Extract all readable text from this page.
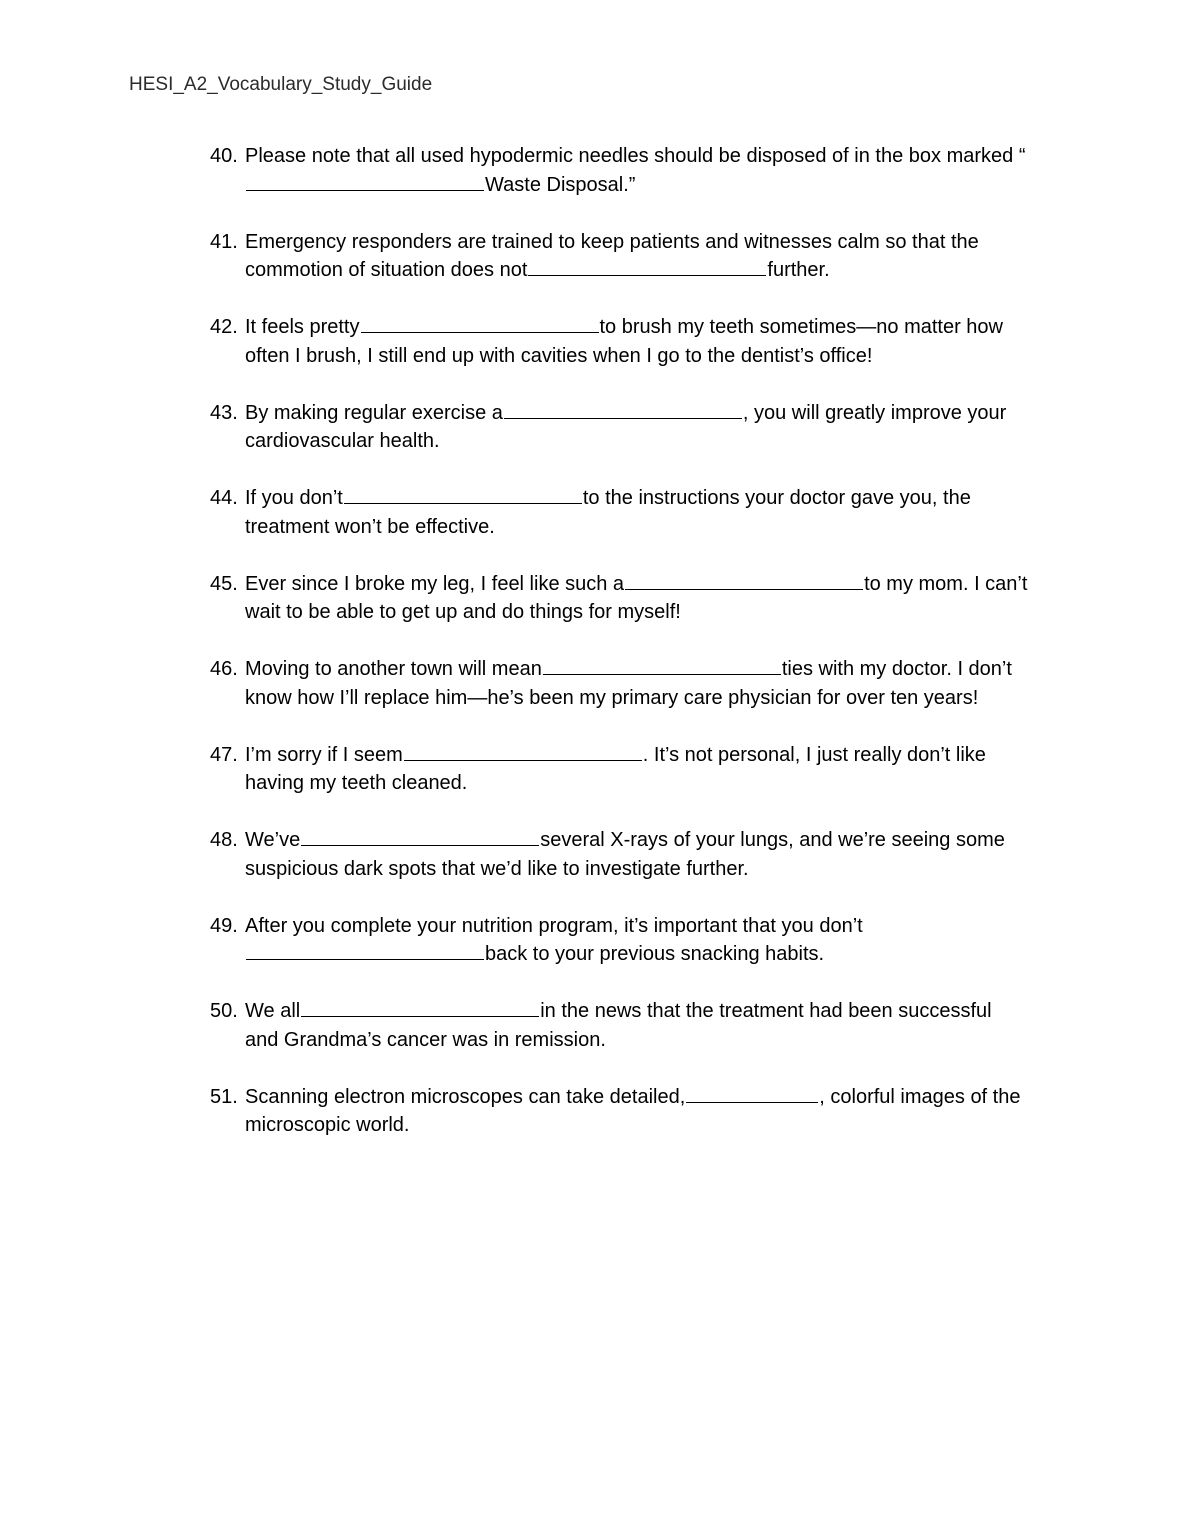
HESI_A2_Vocabulary_Study_Guide
40. Please note that all used hypodermic needles should be disposed of in the box marked “Waste Disposal.”
41. Emergency responders are trained to keep patients and witnesses calm so that the commotion of situation does not	further.
42. It feels pretty	to brush my teeth sometimes—no matter how often I brush, I still end up with cavities when I go to the dentist’s office!
43. By making regular exercise a	, you will greatly improve your cardiovascular health.
44. If you don’t	to the instructions your doctor gave you, the treatment won’t be effective.
45. Ever since I broke my leg, I feel like such a	to my mom. I can’t wait to be able to get up and do things for myself!
46. Moving to another town will mean	ties with my doctor. I don’t know how I’ll replace him—he’s been my primary care physician for over ten years!
47. I’m sorry if I seem	. It’s not personal, I just really don’t like having my teeth cleaned.
48. We’ve	several X-rays of your lungs, and we’re seeing some suspicious dark spots that we’d like to investigate further.
49. After you complete your nutrition program, it’s important that you don’t back to your previous snacking habits.
50. We all	in the news that the treatment had been successful and Grandma’s cancer was in remission.
51. Scanning electron microscopes can take detailed,	, colorful images of the microscopic world.
